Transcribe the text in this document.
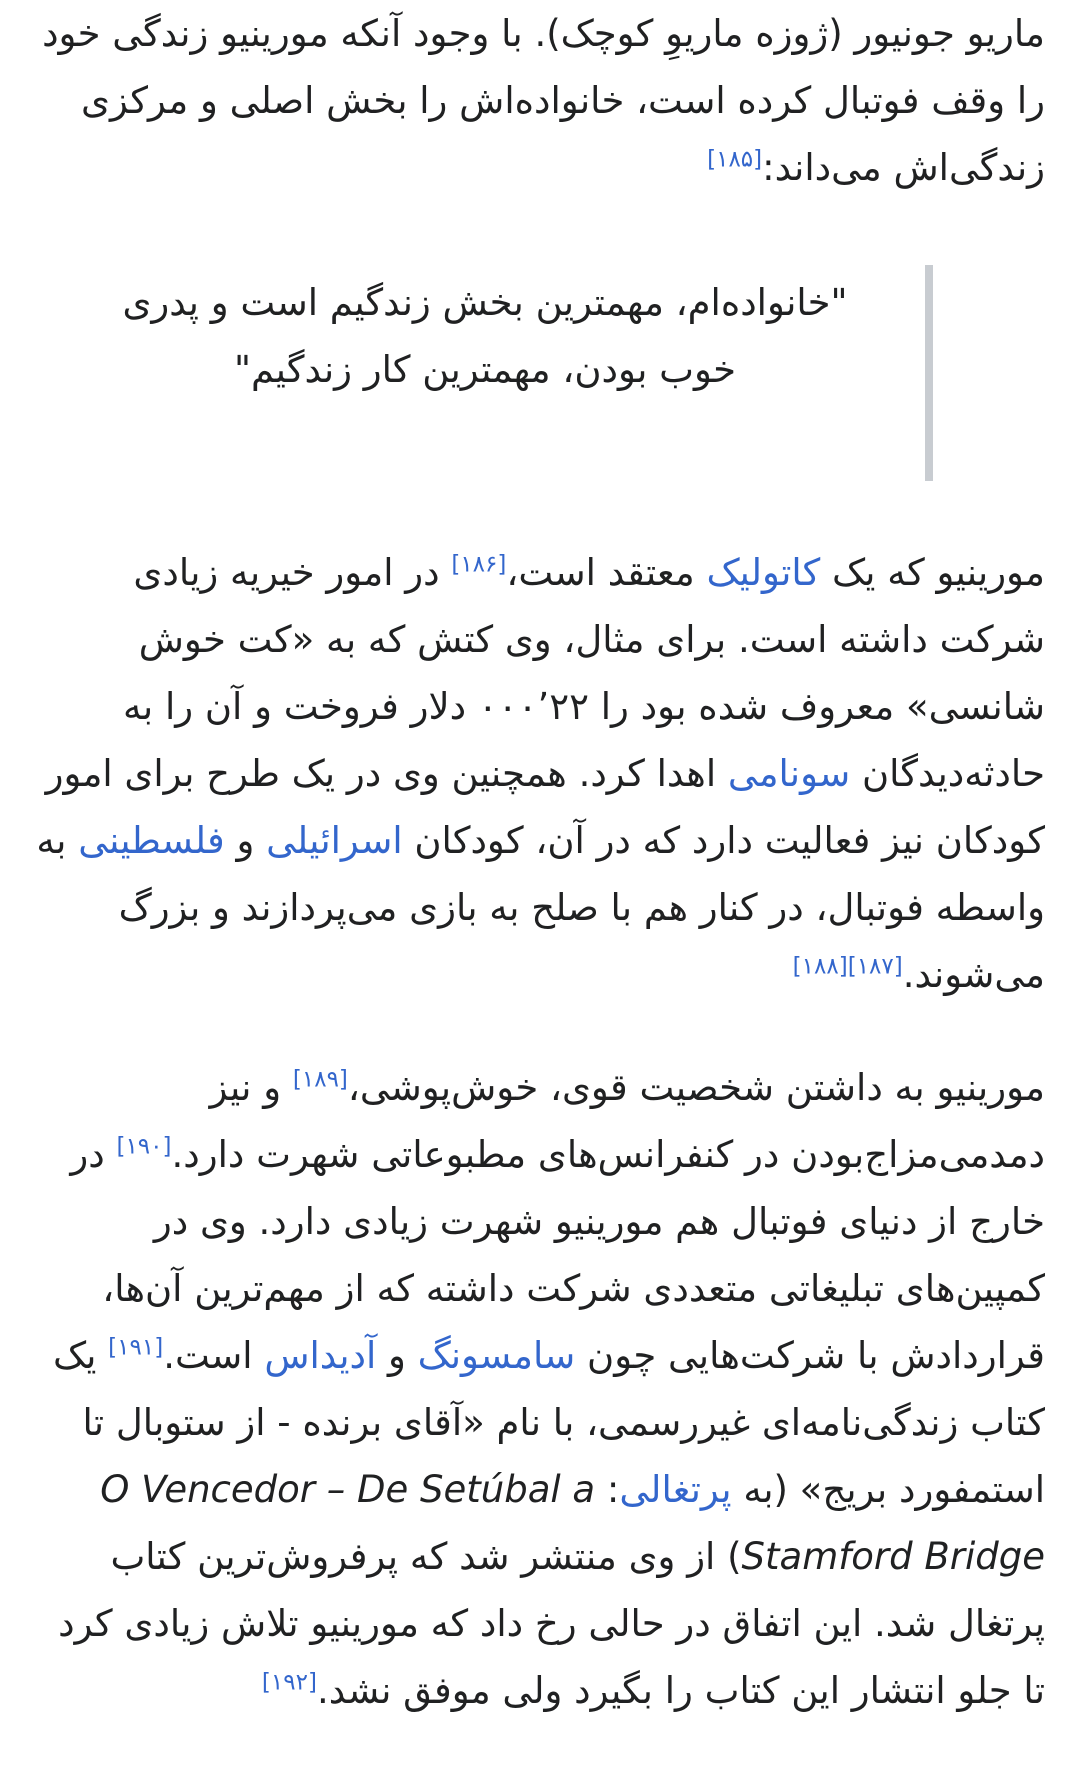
ماریو جونیور (ژوزه ماریوِ کوچک). با وجود آنکه مورینیو زندگی خود را وقف فوتبال کرده است، خانواده‌اش را بخش اصلی و مرکزی زندگی‌اش می‌داند:[۱۸۵]

"خانواده‌ام، مهمترین بخش زندگیم است و پدری خوب بودن، مهمترین کار زندگیم"

مورینیو که یک کاتولیک معتقد است،[۱۸۶] در امور خیریه زیادی شرکت داشته است. برای مثال، وی کتش که به «کت خوش شانسی» معروف شده بود را ۲۲’۰۰۰ دلار فروخت و آن را به حادثه‌دیدگان سونامی اهدا کرد. همچنین وی در یک طرح برای امور کودکان نیز فعالیت دارد که در آن، کودکان اسرائیلی و فلسطینی به واسطه فوتبال، در کنار هم با صلح به بازی می‌پردازند و بزرگ می‌شوند.[۱۸۷][۱۸۸]

مورینیو به داشتن شخصیت قوی، خوش‌پوشی،[۱۸۹] و نیز دمدمی‌مزاج‌بودن در کنفرانس‌های مطبوعاتی شهرت دارد.[۱۹۰] در خارج از دنیای فوتبال هم مورینیو شهرت زیادی دارد. وی در کمپین‌های تبلیغاتی متعددی شرکت داشته که از مهم‌ترین آن‌ها، قراردادش با شرکت‌هایی چون سامسونگ و آدیداس است.[۱۹۱] یک کتاب زندگی‌نامه‌ای غیررسمی، با نام «آقای برنده - از ستوبال تا استمفورد بریج» (به پرتغالی: O Vencedor – De Setúbal a Stamford Bridge) از وی منتشر شد که پرفروش‌ترین کتاب پرتغال شد. این اتفاق در حالی رخ داد که مورینیو تلاش زیادی کرد تا جلو انتشار این کتاب را بگیرد ولی موفق نشد.[۱۹۲]
